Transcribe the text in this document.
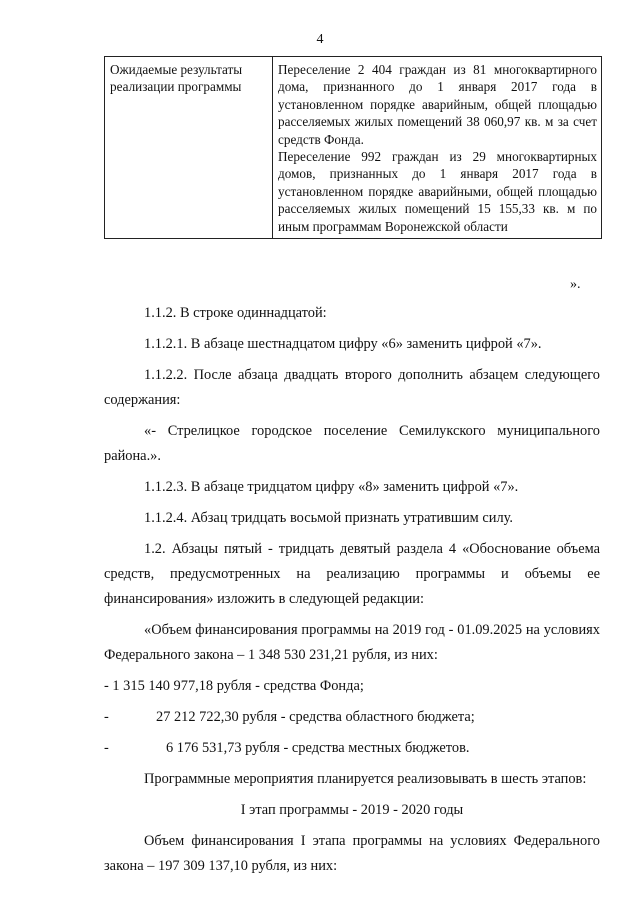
4
Ожидаемые результаты реализации программы	

Переселение 2 404 граждан из 81 многоквартирного дома, признанного до 1 января 2017 года в установленном порядке аварийным, общей площадью расселяемых жилых помещений 38 060,97 кв. м за счет средств Фонда.

Переселение 992 граждан из 29 многоквартирных домов, признанных до 1 января 2017 года в установленном порядке аварийными, общей площадью расселяемых жилых помещений 15 155,33 кв. м по иным программам Воронежской области

».

1.1.2. В строке одиннадцатой:

1.1.2.1. В абзаце шестнадцатом цифру «6» заменить цифрой «7».

1.1.2.2. После абзаца двадцать второго дополнить абзацем следующего содержания:

«- Стрелицкое городское поселение Семилукского муниципального района.».

1.1.2.3. В абзаце тридцатом цифру «8» заменить цифрой «7».

1.1.2.4. Абзац тридцать восьмой признать утратившим силу.

1.2. Абзацы пятый - тридцать девятый раздела 4 «Обоснование объема средств, предусмотренных на реализацию программы и объемы ее финансирования» изложить в следующей редакции:

«Объем финансирования программы на 2019 год - 01.09.2025 на условиях Федерального закона – 1 348 530 231,21 рубля, из них:

- 1 315 140 977,18 рубля - средства Фонда;
-	27 212 722,30 рубля - средства областного бюджета;
-	6 176 531,73 рубля - средства местных бюджетов.

Программные мероприятия планируется реализовывать в шесть этапов:

I этап программы - 2019 - 2020 годы

Объем финансирования I этапа программы на условиях Федерального закона – 197 309 137,10 рубля, из них:
